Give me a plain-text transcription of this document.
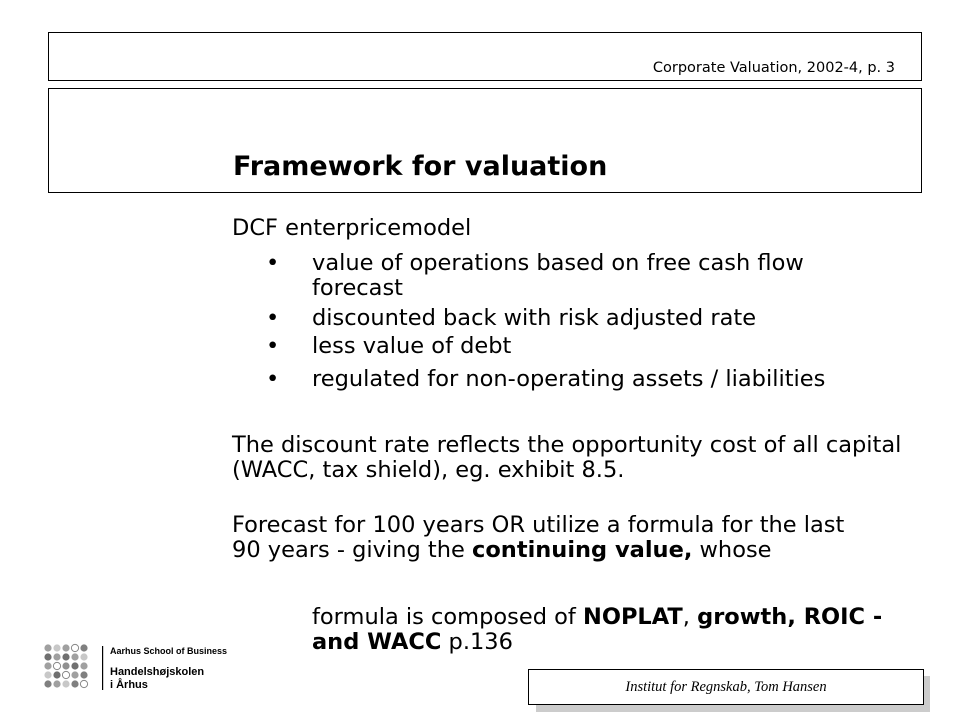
Corporate Valuation, 2002-4, p. 3
Framework for valuation
DCF enterpricemodel
• value of operations based on free cash flow forecast
• discounted back with risk adjusted rate
• less value of debt
• regulated for non-operating assets / liabilities
The discount rate reflects the opportunity cost of all capital (WACC, tax shield), eg. exhibit 8.5.
Forecast for 100 years OR utilize a formula for the last 90 years - giving the continuing value, whose
formula is composed of NOPLAT, growth, ROIC - and WACC p.136
Aarhus School of Business
Handelshøjskolen
i Århus	Institut for Regnskab, Tom Hansen
